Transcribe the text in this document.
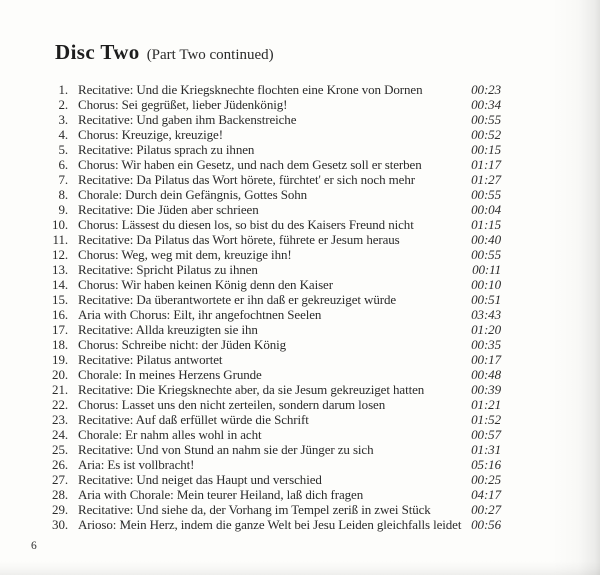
Disc Two (Part Two continued)
1. Recitative: Und die Kriegsknechte flochten eine Krone von Dornen	00:23
2. Chorus: Sei gegrüßet, lieber Jüdenkönig!	00:34
3. Recitative: Und gaben ihm Backenstreiche	00:55
4. Chorus: Kreuzige, kreuzige!	00:52
5. Recitative: Pilatus sprach zu ihnen	00:15
6. Chorus: Wir haben ein Gesetz, und nach dem Gesetz soll er sterben	01:17
7. Recitative: Da Pilatus das Wort hörete, fürchtet' er sich noch mehr	01:27
8. Chorale: Durch dein Gefängnis, Gottes Sohn	00:55
9. Recitative: Die Jüden aber schrieen	00:04
10. Chorus: Lässest du diesen los, so bist du des Kaisers Freund nicht	01:15
11. Recitative: Da Pilatus das Wort hörete, führete er Jesum heraus	00:40
12. Chorus: Weg, weg mit dem, kreuzige ihn!	00:55
13. Recitative: Spricht Pilatus zu ihnen	00:11
14. Chorus: Wir haben keinen König denn den Kaiser	00:10
15. Recitative: Da überantwortete er ihn daß er gekreuziget würde	00:51
16. Aria with Chorus: Eilt, ihr angefochtnen Seelen	03:43
17. Recitative: Allda kreuzigten sie ihn	01:20
18. Chorus: Schreibe nicht: der Jüden König	00:35
19. Recitative: Pilatus antwortet	00:17
20. Chorale: In meines Herzens Grunde	00:48
21. Recitative: Die Kriegsknechte aber, da sie Jesum gekreuziget hatten	00:39
22. Chorus: Lasset uns den nicht zerteilen, sondern darum losen	01:21
23. Recitative: Auf daß erfüllet würde die Schrift	01:52
24. Chorale: Er nahm alles wohl in acht	00:57
25. Recitative: Und von Stund an nahm sie der Jünger zu sich	01:31
26. Aria: Es ist vollbracht!	05:16
27. Recitative: Und neiget das Haupt und verschied	00:25
28. Aria with Chorale: Mein teurer Heiland, laß dich fragen	04:17
29. Recitative: Und siehe da, der Vorhang im Tempel zeriß in zwei Stück	00:27
30. Arioso: Mein Herz, indem die ganze Welt bei Jesu Leiden gleichfalls leidet 00:56
6
